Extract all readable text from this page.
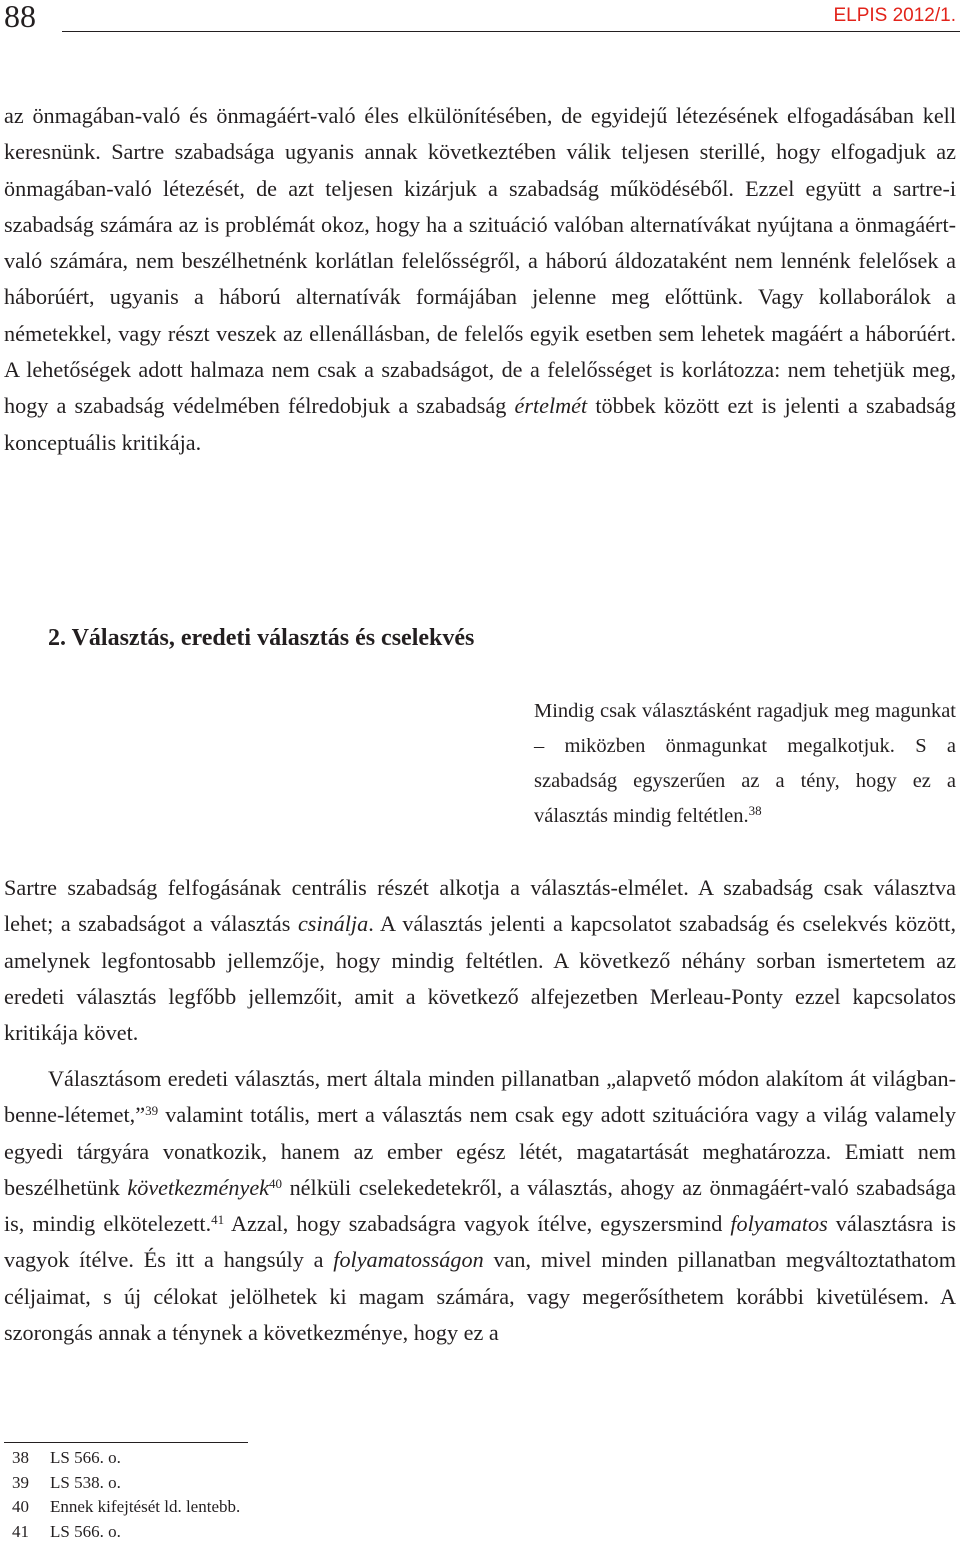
88	ELPIS 2012/1.

az önmagában-való és önmagáért-való éles elkülönítésében, de egyidejű létezésének elfogadásában kell keresnünk. Sartre szabadsága ugyanis annak következtében válik teljesen sterillé, hogy elfogadjuk az önmagában-való létezését, de azt teljesen kizárjuk a szabadság működéséből. Ezzel együtt a sartre-i szabadság számára az is problémát okoz, hogy ha a szituáció valóban alternatívákat nyújtana a önmagáért-való számára, nem beszélhetnénk korlátlan felelősségről, a háború áldozataként nem lennénk felelősek a háborúért, ugyanis a háború alternatívák formájában jelenne meg előttünk. Vagy kollaborálok a németekkel, vagy részt veszek az ellenállásban, de felelős egyik esetben sem lehetek magáért a háborúért. A lehetőségek adott halmaza nem csak a szabadságot, de a felelősséget is korlátozza: nem tehetjük meg, hogy a szabadság védelmében félredobjuk a szabadság értelmét többek között ezt is jelenti a szabadság konceptuális kritikája.

2. Választás, eredeti választás és cselekvés

Mindig csak választásként ragadjuk meg magunkat – miközben önmagunkat megalkotjuk. S a szabadság egyszerűen az a tény, hogy ez a választás mindig feltétlen.$^{38}$

Sartre szabadság felfogásának centrális részét alkotja a választás-elmélet. A szabadság csak választva lehet; a szabadságot a választás csinálja. A választás jelenti a kapcsolatot szabadság és cselekvés között, amelynek legfontosabb jellemzője, hogy mindig feltétlen. A következő néhány sorban ismertetem az eredeti választás legfőbb jellemzőit, amit a következő alfejezetben Merleau-Ponty ezzel kapcsolatos kritikája követ.

Választásom eredeti választás, mert általa minden pillanatban „alapvető módon alakítom át világban-benne-létemet,”$^{39}$ valamint totális, mert a választás nem csak egy adott szituációra vagy a világ valamely egyedi tárgyára vonatkozik, hanem az ember egész létét, magatartását meghatározza. Emiatt nem beszélhetünk következmények$^{40}$ nélküli cselekedetekről, a választás, ahogy az önmagáért-való szabadsága is, mindig elkötelezett.$^{41}$ Azzal, hogy szabadságra vagyok ítélve, egyszersmind folyamatos választásra is vagyok ítélve. És itt a hangsúly a folyamatosságon van, mivel minden pillanatban megváltoztathatom céljaimat, s új célokat jelölhetek ki magam számára, vagy megerősíthetem korábbi kivetülésem. A szorongás annak a ténynek a következménye, hogy ez a

38	LS 566. o.
39	LS 538. o.
40	Ennek kifejtését ld. lentebb.
41	LS 566. o.
